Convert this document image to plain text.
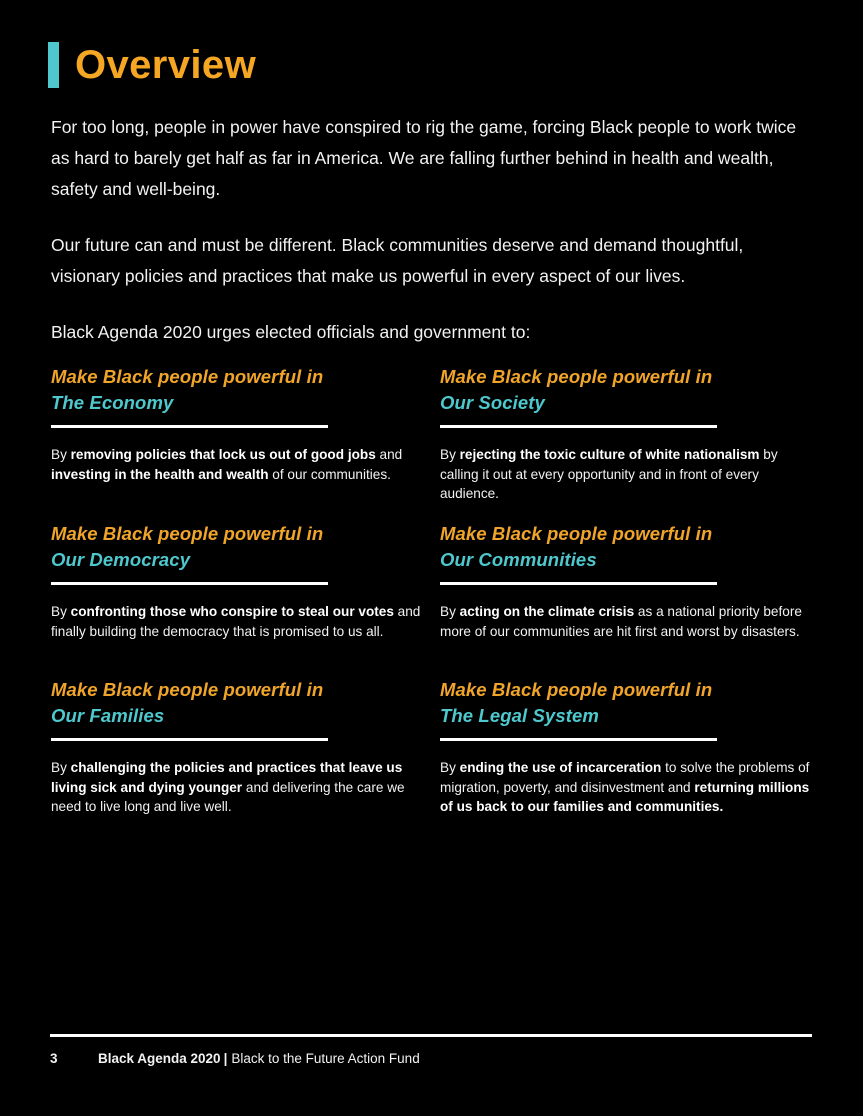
Overview

For too long, people in power have conspired to rig the game, forcing Black people to work twice as hard to barely get half as far in America. We are falling further behind in health and wealth, safety and well-being.

Our future can and must be different. Black communities deserve and demand thoughtful, visionary policies and practices that make us powerful in every aspect of our lives.

Black Agenda 2020 urges elected officials and government to:

Make Black people powerful in
The Economy
By removing policies that lock us out of good jobs and investing in the health and wealth of our communities.
Make Black people powerful in
Our Society
By rejecting the toxic culture of white nationalism by calling it out at every opportunity and in front of every audience.
Make Black people powerful in
Our Democracy
By confronting those who conspire to steal our votes and finally building the democracy that is promised to us all.
Make Black people powerful in
Our Communities
By acting on the climate crisis as a national priority before more of our communities are hit first and worst by disasters.
Make Black people powerful in
Our Families
By challenging the policies and practices that leave us living sick and dying younger and delivering the care we need to live long and live well.
Make Black people powerful in
The Legal System
By ending the use of incarceration to solve the problems of migration, poverty, and disinvestment and returning millions of us back to our families and communities.
3	Black Agenda 2020 | Black to the Future Action Fund
